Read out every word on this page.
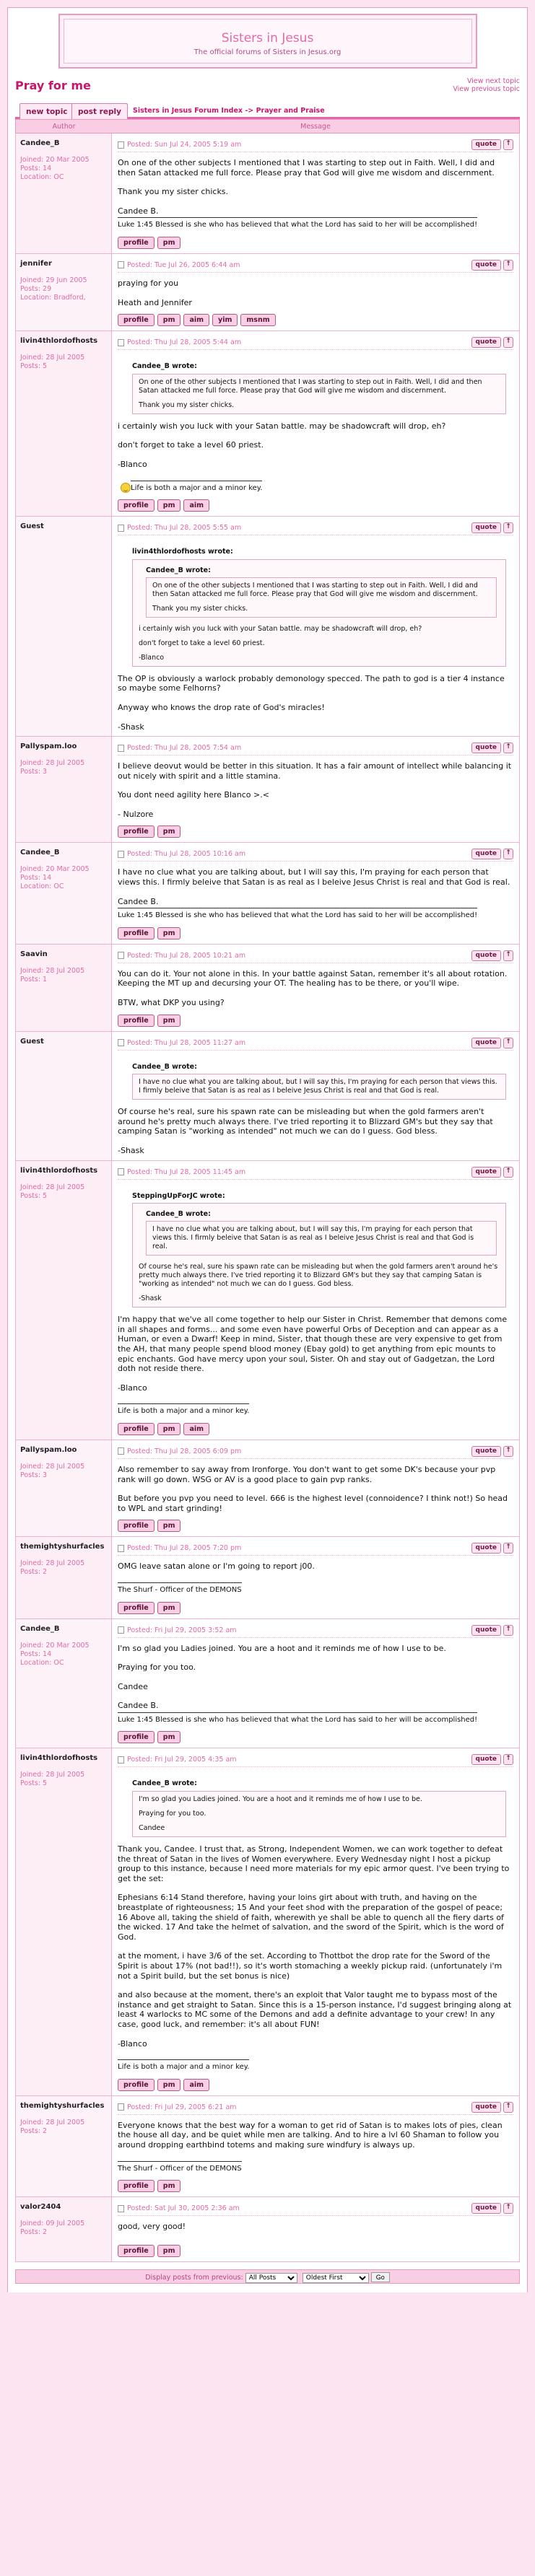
Sisters in Jesus
The official forums of Sisters in Jesus.org
Pray for me	View next topic
View previous topic
new topic	post reply	Sisters in Jesus Forum Index -> Prayer and Praise
Author	Message
Candee_B
Joined: 20 Mar 2005
Posts: 14
Location: OC
Posted: Sun Jul 24, 2005 5:19 am	quote	↑

On one of the other subjects I mentioned that I was starting to step out in Faith. Well, I did and then Satan attacked me full force. Please pray that God will give me wisdom and discernment.

Thank you my sister chicks.

Candee B.
Luke 1:45 Blessed is she who has believed that what the Lord has said to her will be accomplished!
profile	pm
jennifer
Joined: 29 Jun 2005
Posts: 29
Location: Bradford,
Posted: Tue Jul 26, 2005 6:44 am	quote	↑

praying for you

Heath and Jennifer

profile	pm	aim	yim	msnm
livin4thlordofhosts
Joined: 28 Jul 2005
Posts: 5
Posted: Thu Jul 28, 2005 5:44 am	quote	↑
Candee_B wrote:

On one of the other subjects I mentioned that I was starting to step out in Faith. Well, I did and then Satan attacked me full force. Please pray that God will give me wisdom and discernment.

Thank you my sister chicks.

i certainly wish you luck with your Satan battle. may be shadowcraft will drop, eh?

don't forget to take a level 60 priest.

-Blanco

Life is both a major and a minor key.
profile	pm	aim
Guest	Posted: Thu Jul 28, 2005 5:55 am	quote	↑
livin4thlordofhosts wrote:
Candee_B wrote:

On one of the other subjects I mentioned that I was starting to step out in Faith. Well, I did and then Satan attacked me full force. Please pray that God will give me wisdom and discernment.

Thank you my sister chicks.

i certainly wish you luck with your Satan battle. may be shadowcraft will drop, eh?

don't forget to take a level 60 priest.

-Blanco

The OP is obviously a warlock probably demonology specced. The path to god is a tier 4 instance so maybe some Felhorns?

Anyway who knows the drop rate of God's miracles!

-Shask

Pallyspam.loo
Joined: 28 Jul 2005
Posts: 3
Posted: Thu Jul 28, 2005 7:54 am	quote	↑

I believe deovut would be better in this situation. It has a fair amount of intellect while balancing it out nicely with spirit and a little stamina.

You dont need agility here Blanco >.<

- Nulzore

profile	pm
Candee_B
Joined: 20 Mar 2005
Posts: 14
Location: OC
Posted: Thu Jul 28, 2005 10:16 am	quote	↑

I have no clue what you are talking about, but I will say this, I'm praying for each person that views this. I firmly beleive that Satan is as real as I beleive Jesus Christ is real and that God is real.

Candee B.
Luke 1:45 Blessed is she who has believed that what the Lord has said to her will be accomplished!
profile	pm
Saavin
Joined: 28 Jul 2005
Posts: 1
Posted: Thu Jul 28, 2005 10:21 am	quote	↑

You can do it. Your not alone in this. In your battle against Satan, remember it's all about rotation. Keeping the MT up and decursing your OT. The healing has to be there, or you'll wipe.

BTW, what DKP you using?

profile	pm
Guest	Posted: Thu Jul 28, 2005 11:27 am	quote	↑
Candee_B wrote:

I have no clue what you are talking about, but I will say this, I'm praying for each person that views this. I firmly beleive that Satan is as real as I beleive Jesus Christ is real and that God is real.

Of course he's real, sure his spawn rate can be misleading but when the gold farmers aren't around he's pretty much always there. I've tried reporting it to Blizzard GM's but they say that camping Satan is "working as intended" not much we can do I guess. God bless.

-Shask

livin4thlordofhosts
Joined: 28 Jul 2005
Posts: 5
Posted: Thu Jul 28, 2005 11:45 am	quote	↑
SteppingUpForJC wrote:
Candee_B wrote:

I have no clue what you are talking about, but I will say this, I'm praying for each person that views this. I firmly beleive that Satan is as real as I beleive Jesus Christ is real and that God is real.

Of course he's real, sure his spawn rate can be misleading but when the gold farmers aren't around he's pretty much always there. I've tried reporting it to Blizzard GM's but they say that camping Satan is "working as intended" not much we can do I guess. God bless.

-Shask

I'm happy that we've all come together to help our Sister in Christ. Remember that demons come in all shapes and forms... and some even have powerful Orbs of Deception and can appear as a Human, or even a Dwarf! Keep in mind, Sister, that though these are very expensive to get from the AH, that many people spend blood money (Ebay gold) to get anything from epic mounts to epic enchants. God have mercy upon your soul, Sister. Oh and stay out of Gadgetzan, the Lord doth not reside there.

-Blanco

Life is both a major and a minor key.
profile	pm	aim
Pallyspam.loo
Joined: 28 Jul 2005
Posts: 3
Posted: Thu Jul 28, 2005 6:09 pm	quote	↑

Also remember to say away from Ironforge. You don't want to get some DK's because your pvp rank will go down. WSG or AV is a good place to gain pvp ranks.

But before you pvp you need to level. 666 is the highest level (connoidence? I think not!) So head to WPL and start grinding!

profile	pm
themightyshurfacles
Joined: 28 Jul 2005
Posts: 2
Posted: Thu Jul 28, 2005 7:20 pm	quote	↑

OMG leave satan alone or I'm going to report j00.

The Shurf - Officer of the DEMONS
profile	pm
Candee_B
Joined: 20 Mar 2005
Posts: 14
Location: OC
Posted: Fri Jul 29, 2005 3:52 am	quote	↑

I'm so glad you Ladies joined. You are a hoot and it reminds me of how I use to be.

Praying for you too.

Candee

Candee B.
Luke 1:45 Blessed is she who has believed that what the Lord has said to her will be accomplished!
profile	pm
livin4thlordofhosts
Joined: 28 Jul 2005
Posts: 5
Posted: Fri Jul 29, 2005 4:35 am	quote	↑
Candee_B wrote:

I'm so glad you Ladies joined. You are a hoot and it reminds me of how I use to be.

Praying for you too.

Candee

Thank you, Candee. I trust that, as Strong, Independent Women, we can work together to defeat the threat of Satan in the lives of Women everywhere. Every Wednesday night I host a pickup group to this instance, because I need more materials for my epic armor quest. I've been trying to get the set:

Ephesians 6:14 Stand therefore, having your loins girt about with truth, and having on the breastplate of righteousness; 15 And your feet shod with the preparation of the gospel of peace; 16 Above all, taking the shield of faith, wherewith ye shall be able to quench all the fiery darts of the wicked. 17 And take the helmet of salvation, and the sword of the Spirit, which is the word of God.

at the moment, i have 3/6 of the set. According to Thottbot the drop rate for the Sword of the Spirit is about 17% (not bad!!), so it's worth stomaching a weekly pickup raid. (unfortunately i'm not a Spirit build, but the set bonus is nice)

and also because at the moment, there's an exploit that Valor taught me to bypass most of the instance and get straight to Satan. Since this is a 15-person instance, I'd suggest bringing along at least 4 warlocks to MC some of the Demons and add a definite advantage to your crew! In any case, good luck, and remember: it's all about FUN!

-Blanco

Life is both a major and a minor key.
profile	pm	aim
themightyshurfacles
Joined: 28 Jul 2005
Posts: 2
Posted: Fri Jul 29, 2005 6:21 am	quote	↑

Everyone knows that the best way for a woman to get rid of Satan is to makes lots of pies, clean the house all day, and be quiet while men are talking. And to hire a lvl 60 Shaman to follow you around dropping earthbind totems and making sure windfury is always up.

The Shurf - Officer of the DEMONS
profile	pm
valor2404
Joined: 09 Jul 2005
Posts: 2
Posted: Sat Jul 30, 2005 2:36 am	quote	↑

good, very good!

profile	pm
Display posts from previous:
All Posts
Oldest First	Go
